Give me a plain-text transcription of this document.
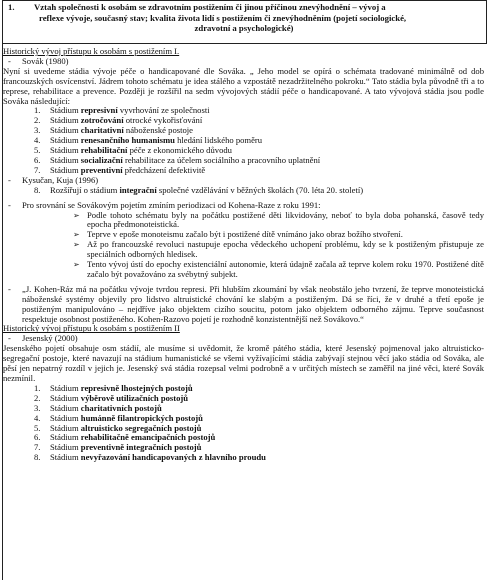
1.	Vztah společnosti k osobám se zdravotním postižením či jinou příčinou znevýhodnění – vývoj a
reflexe vývoje, současný stav; kvalita života lidí s postižením či znevýhodněním (pojetí sociologické,
zdravotní a psychologické)
Historický vývoj přístupu k osobám s postižením I.
- Sovák (1980)
Nyní si uvedeme stádia vývoje péče o handicapované dle Sováka. „ Jeho model se opírá o schémata tradované minimálně od dob francouzských osvícenství. Jádrem tohoto schématu je idea stálého a vzpostátě nezadržitelného pokroku.“ Tato stádia byla původně tři a to represe, rehabilitace a prevence. Později je rozšířil na sedm vývojových stádií péče o handicapované. A tato vývojová stádia jsou podle Sováka následující:
1. Stádium represivní vyvrhování ze společnosti
2. Stádium zotročování otrocké vykořisťování
3. Stádium charitativní náboženské postoje
4. Stádium renesančního humanismu hledání lidského poměru
5. Stádium rehabilitační péče z ekonomického důvodu
6. Stádium socializační rehabilitace za účelem sociálního a pracovního uplatnění
7. Stádium preventivní předcházení defektivitě
- Kysučan, Kuja (1996)
8. Rozšířují o stádium integrační společné vzdělávání v běžných školách (70. léta 20. století)
- Pro srovnání se Sovákovým pojetím zmíním periodizaci od Kohena-Raze z roku 1991:
➢ Podle tohoto schématu byly na počátku postižené děti likvidovány, neboť to byla doba pohanská, časově tedy epocha předmonoteistická.
➢ Teprve v epoše monoteismu začalo být i postižené dítě vnímáno jako obraz božího stvoření.
➢ Až po francouzské revoluci nastupuje epocha vědeckého uchopení problému, kdy se k postiženým přistupuje ze speciálních odborných hledisek.
➢ Tento vývoj ústí do epochy existenciální autonomie, která údajně začala až teprve kolem roku 1970. Postižené dítě začalo být považováno za svébytný subjekt.
- „J. Kohen-Ráz má na počátku vývoje tvrdou represi. Při hlubším zkoumání by však neobstálo jeho tvrzení, že teprve monoteistická náboženské systémy objevily pro lidstvo altruistické chování ke slabým a postiženým. Dá se říci, že v druhé a třetí epoše je postiženým manipulováno – nejdříve jako objektem cizího soucitu, potom jako objektem odborného zájmu. Teprve současnost respektuje osobnost postiženého. Kohen-Razovo pojetí je rozhodně konzistentnější než Sovákovo.“
Historický vývoj přístupu k osobám s postižením II
- Jesenský (2000)
Jesenského pojetí obsahuje osm stádií, ale musíme si uvědomit, že kromě pátého stádia, které Jesenský pojmenoval jako altruisticko-segregační postoje, které navazují na stádium humanistické se všemi vyžívajícími stádia zabývají stejnou věcí jako stádia od Sováka, ale pěsí jen nepatrný rozdíl v jejich je. Jesenský svá stádia rozepsal velmi podrobně a v určitých místech se zaměřil na jiné věci, které Sovák nezmínil.
1. Stádium represivně lhostejných postojů
2. Stádium výběrově utilizačních postojů
3. Stádium charitativních postojů
4. Stádium humánně filantropických postojů
5. Stádium altruisticko segregačních postojů
6. Stádium rehabilitačně emancipačních postojů
7. Stádium preventivně integračních postojů
8. Stádium nevyřazování handicapovaných z hlavního proudu
